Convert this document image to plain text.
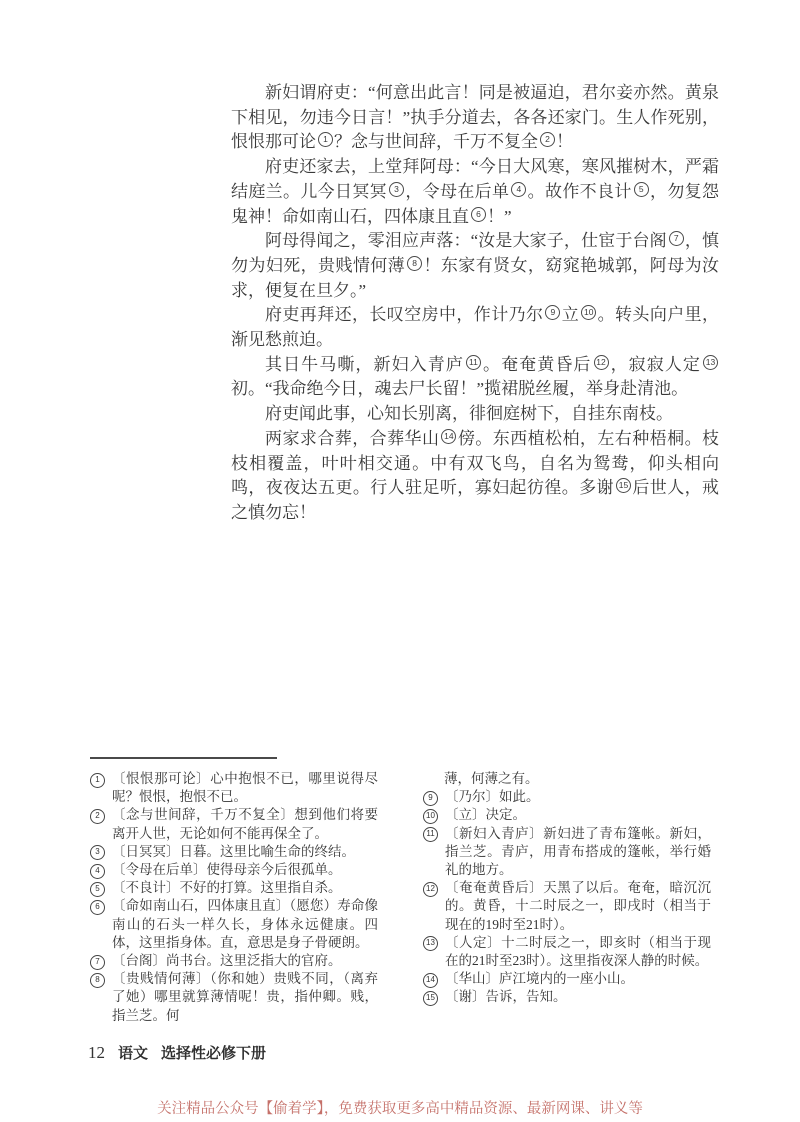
新妇谓府吏：“何意出此言！同是被逼迫，君尔妾亦然。黄泉下相见，勿违今日言！”执手分道去，各各还家门。生人作死别，恨恨那可论 1 ？念与世间辞，千万不复全 2 ！

府吏还家去，上堂拜阿母：“今日大风寒，寒风摧树木，严霜结庭兰。儿今日冥冥 3 ，令母在后单 4 。故作不良计 5 ，勿复怨鬼神！命如南山石，四体康且直 6 ！”

阿母得闻之，零泪应声落：“汝是大家子，仕宦于台阁 7 ，慎勿为妇死，贵贱情何薄 8 ！东家有贤女，窈窕艳城郭，阿母为汝求，便复在旦夕。”

府吏再拜还，长叹空房中，作计乃尔 9 立 10 。转头向户里，渐见愁煎迫。

其日牛马嘶，新妇入青庐 11 。奄奄黄昏后 12 ，寂寂人定 13初。“我命绝今日，魂去尸长留！”揽裙脱丝履，举身赴清池。

府吏闻此事，心知长别离，徘徊庭树下，自挂东南枝。

两家求合葬，合葬华山 14 傍。东西植松柏，左右种梧桐。枝枝相覆盖，叶叶相交通。中有双飞鸟，自名为鸳鸯，仰头相向鸣，夜夜达五更。行人驻足听，寡妇起彷徨。多谢 15 后世人，戒之慎勿忘！

1 〔恨恨那可论〕心中抱恨不已，哪里说得尽呢？恨恨，抱恨不已。
2 〔念与世间辞，千万不复全〕想到他们将要离开人世，无论如何不能再保全了。
3 〔日冥冥〕日暮。这里比喻生命的终结。
4 〔令母在后单〕使得母亲今后很孤单。
5 〔不良计〕不好的打算。这里指自杀。
6 〔命如南山石，四体康且直〕（愿您）寿命像南山的石头一样久长，身体永远健康。四体，这里指身体。直，意思是身子骨硬朗。
7 〔台阁〕尚书台。这里泛指大的官府。
8 〔贵贱情何薄〕（你和她）贵贱不同，（离弃了她）哪里就算薄情呢！贵，指仲卿。贱，指兰芝。何
薄，何薄之有。
9 〔乃尔〕如此。
10 〔立〕决定。
11 〔新妇入青庐〕新妇进了青布篷帐。新妇，指兰芝。青庐，用青布搭成的篷帐，举行婚礼的地方。
12 〔奄奄黄昏后〕天黑了以后。奄奄，暗沉沉的。黄昏，十二时辰之一，即戌时（相当于现在的19时至21时）。
13 〔人定〕十二时辰之一，即亥时（相当于现在的21时至23时）。这里指夜深人静的时候。
14 〔华山〕庐江境内的一座小山。
15 〔谢〕告诉，告知。
12 语文 选择性必修下册
关注精品公众号【偷着学】，免费获取更多高中精品资源、最新网课、讲义等
